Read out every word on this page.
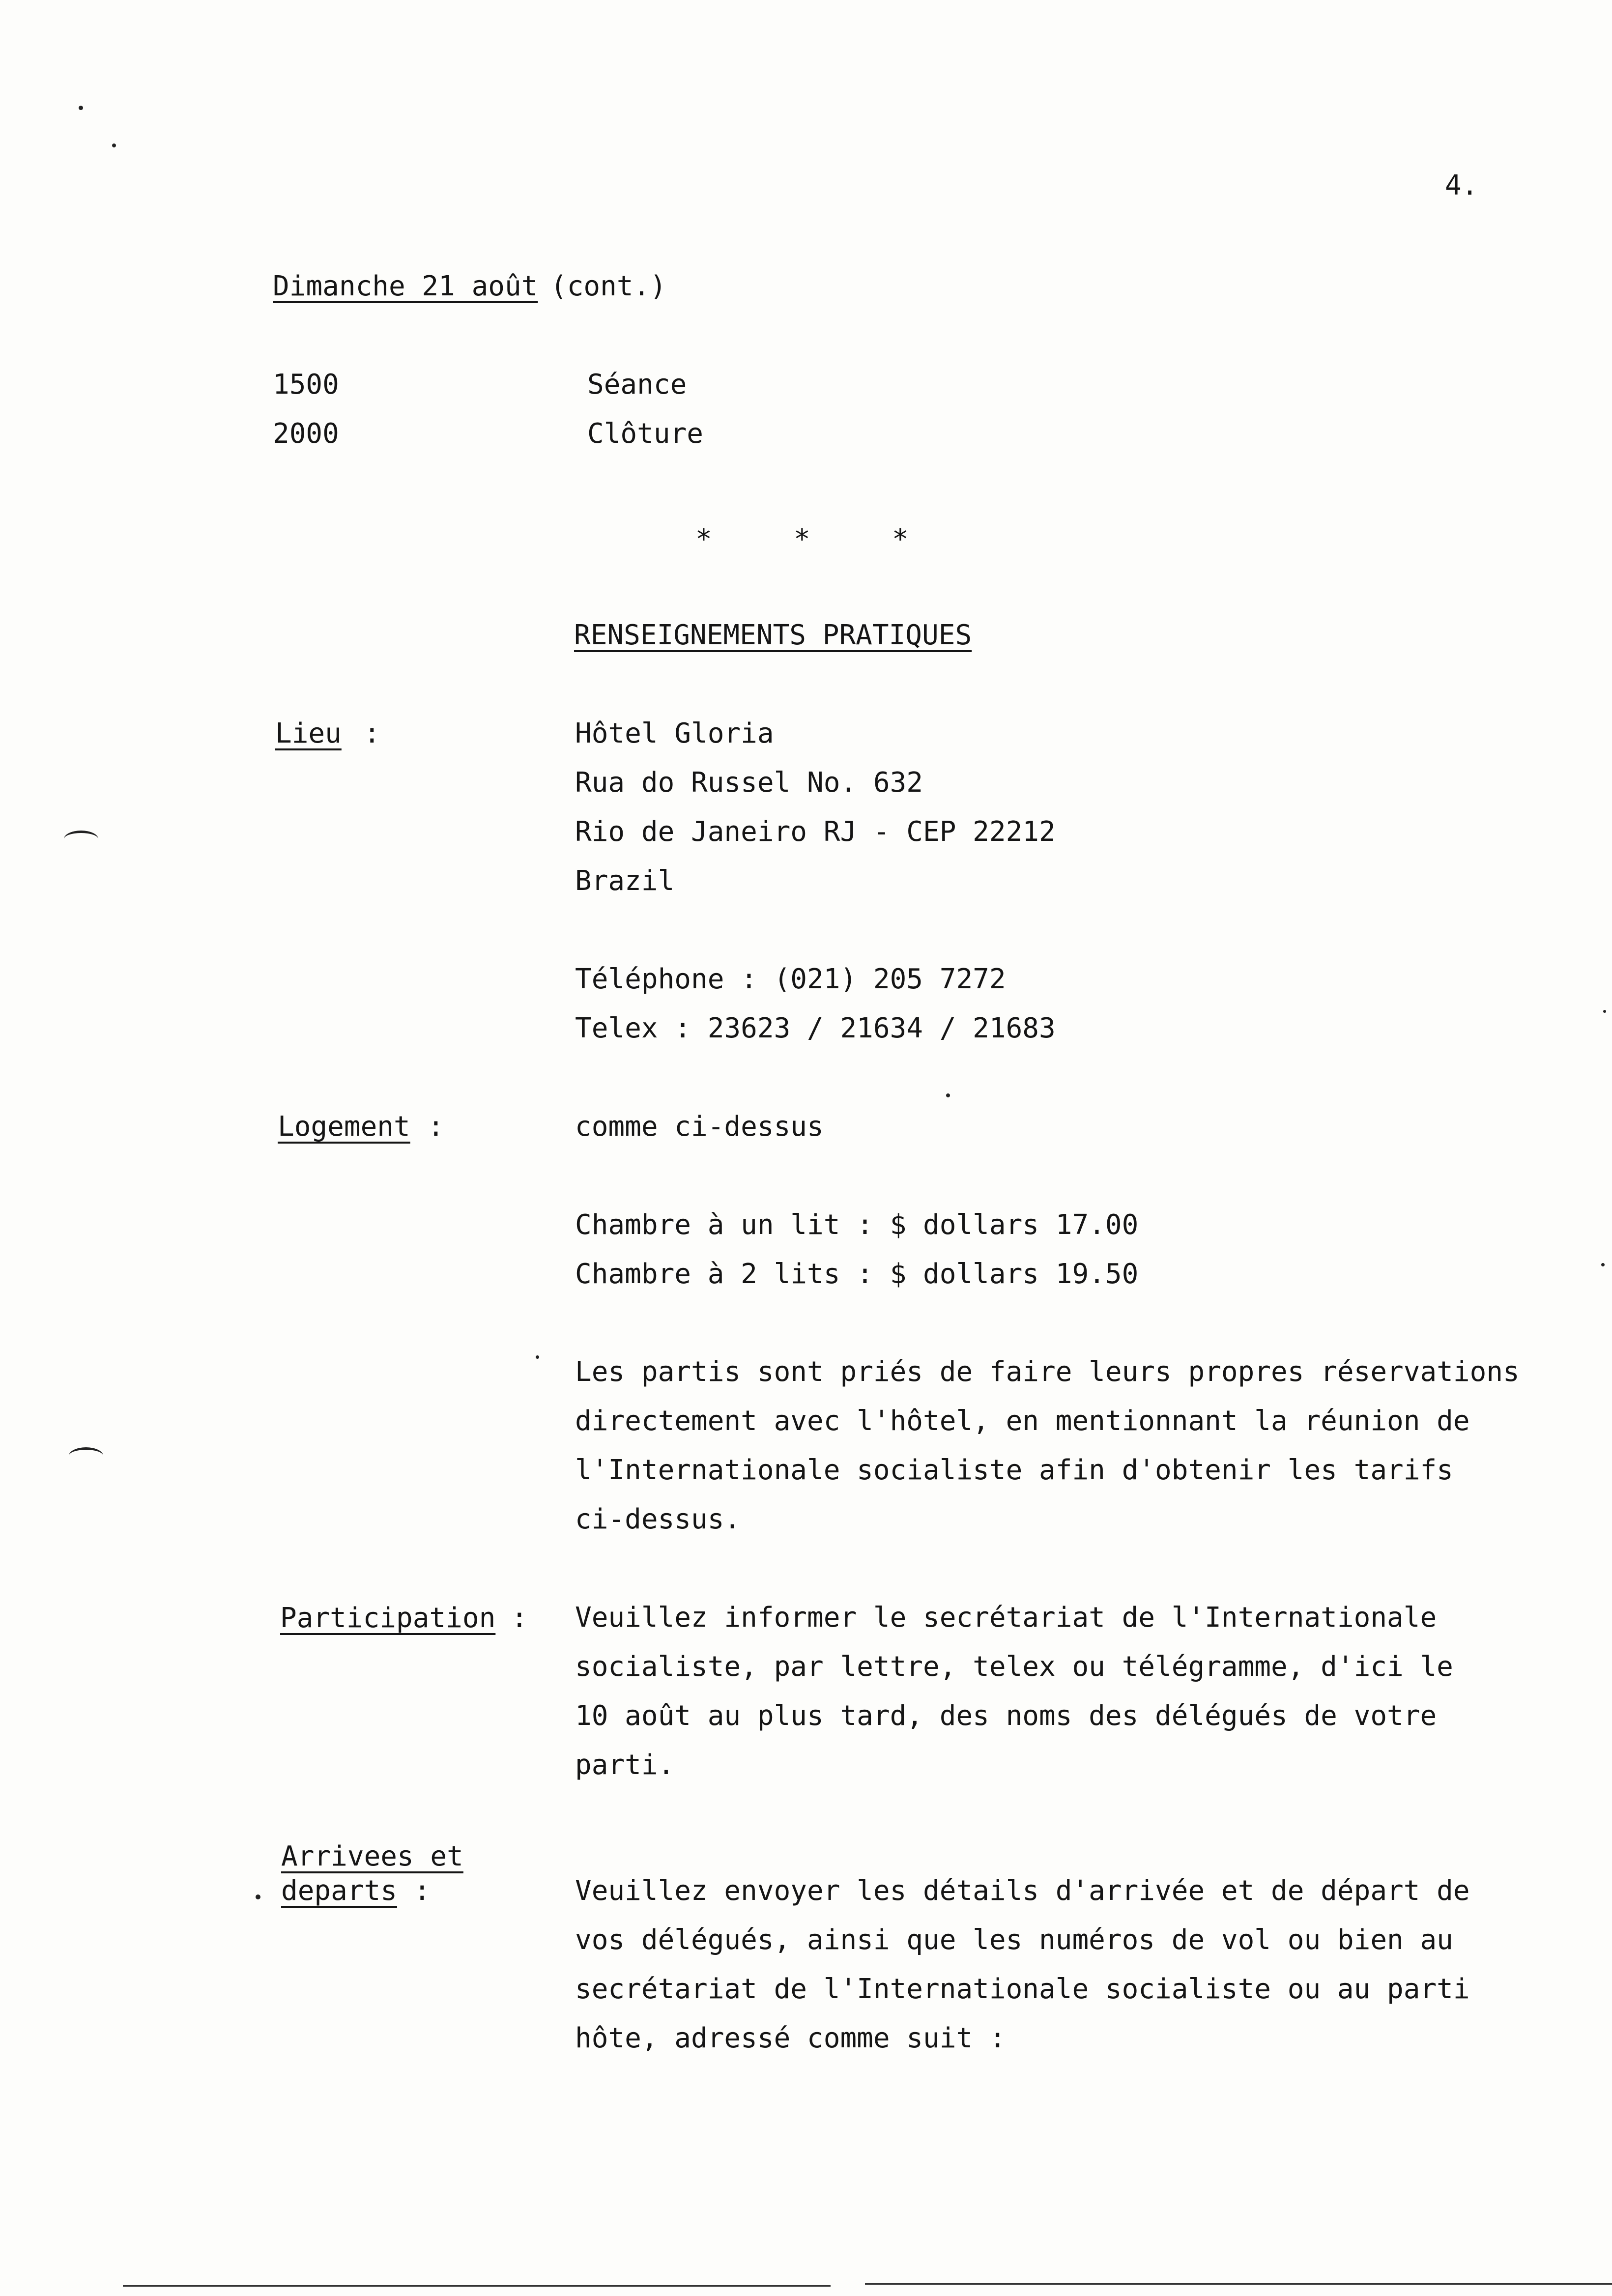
4.
Dimanche 21 août (cont.)
1500	Séance
2000	Clôture
*	*	*
RENSEIGNEMENTS PRATIQUES
Lieu :	Hôtel Gloria
Rua do Russel No. 632
Rio de Janeiro RJ - CEP 22212
Brazil
Téléphone : (021) 205 7272
Telex : 23623 / 21634 / 21683
Logement :	comme ci-dessus
Chambre à un lit : $ dollars 17.00
Chambre à 2 lits : $ dollars 19.50
Les partis sont priés de faire leurs propres réservations
directement avec l'hôtel, en mentionnant la réunion de
l'Internationale socialiste afin d'obtenir les tarifs
ci-dessus.
Participation : Veuillez informer le secrétariat de l'Internationale
socialiste, par lettre, telex ou télégramme, d'ici le
10 août au plus tard, des noms des délégués de votre
parti.
Arrivees et
departs :	Veuillez envoyer les détails d'arrivée et de départ de
vos délégués, ainsi que les numéros de vol ou bien au
secrétariat de l'Internationale socialiste ou au parti
hôte, adressé comme suit :
